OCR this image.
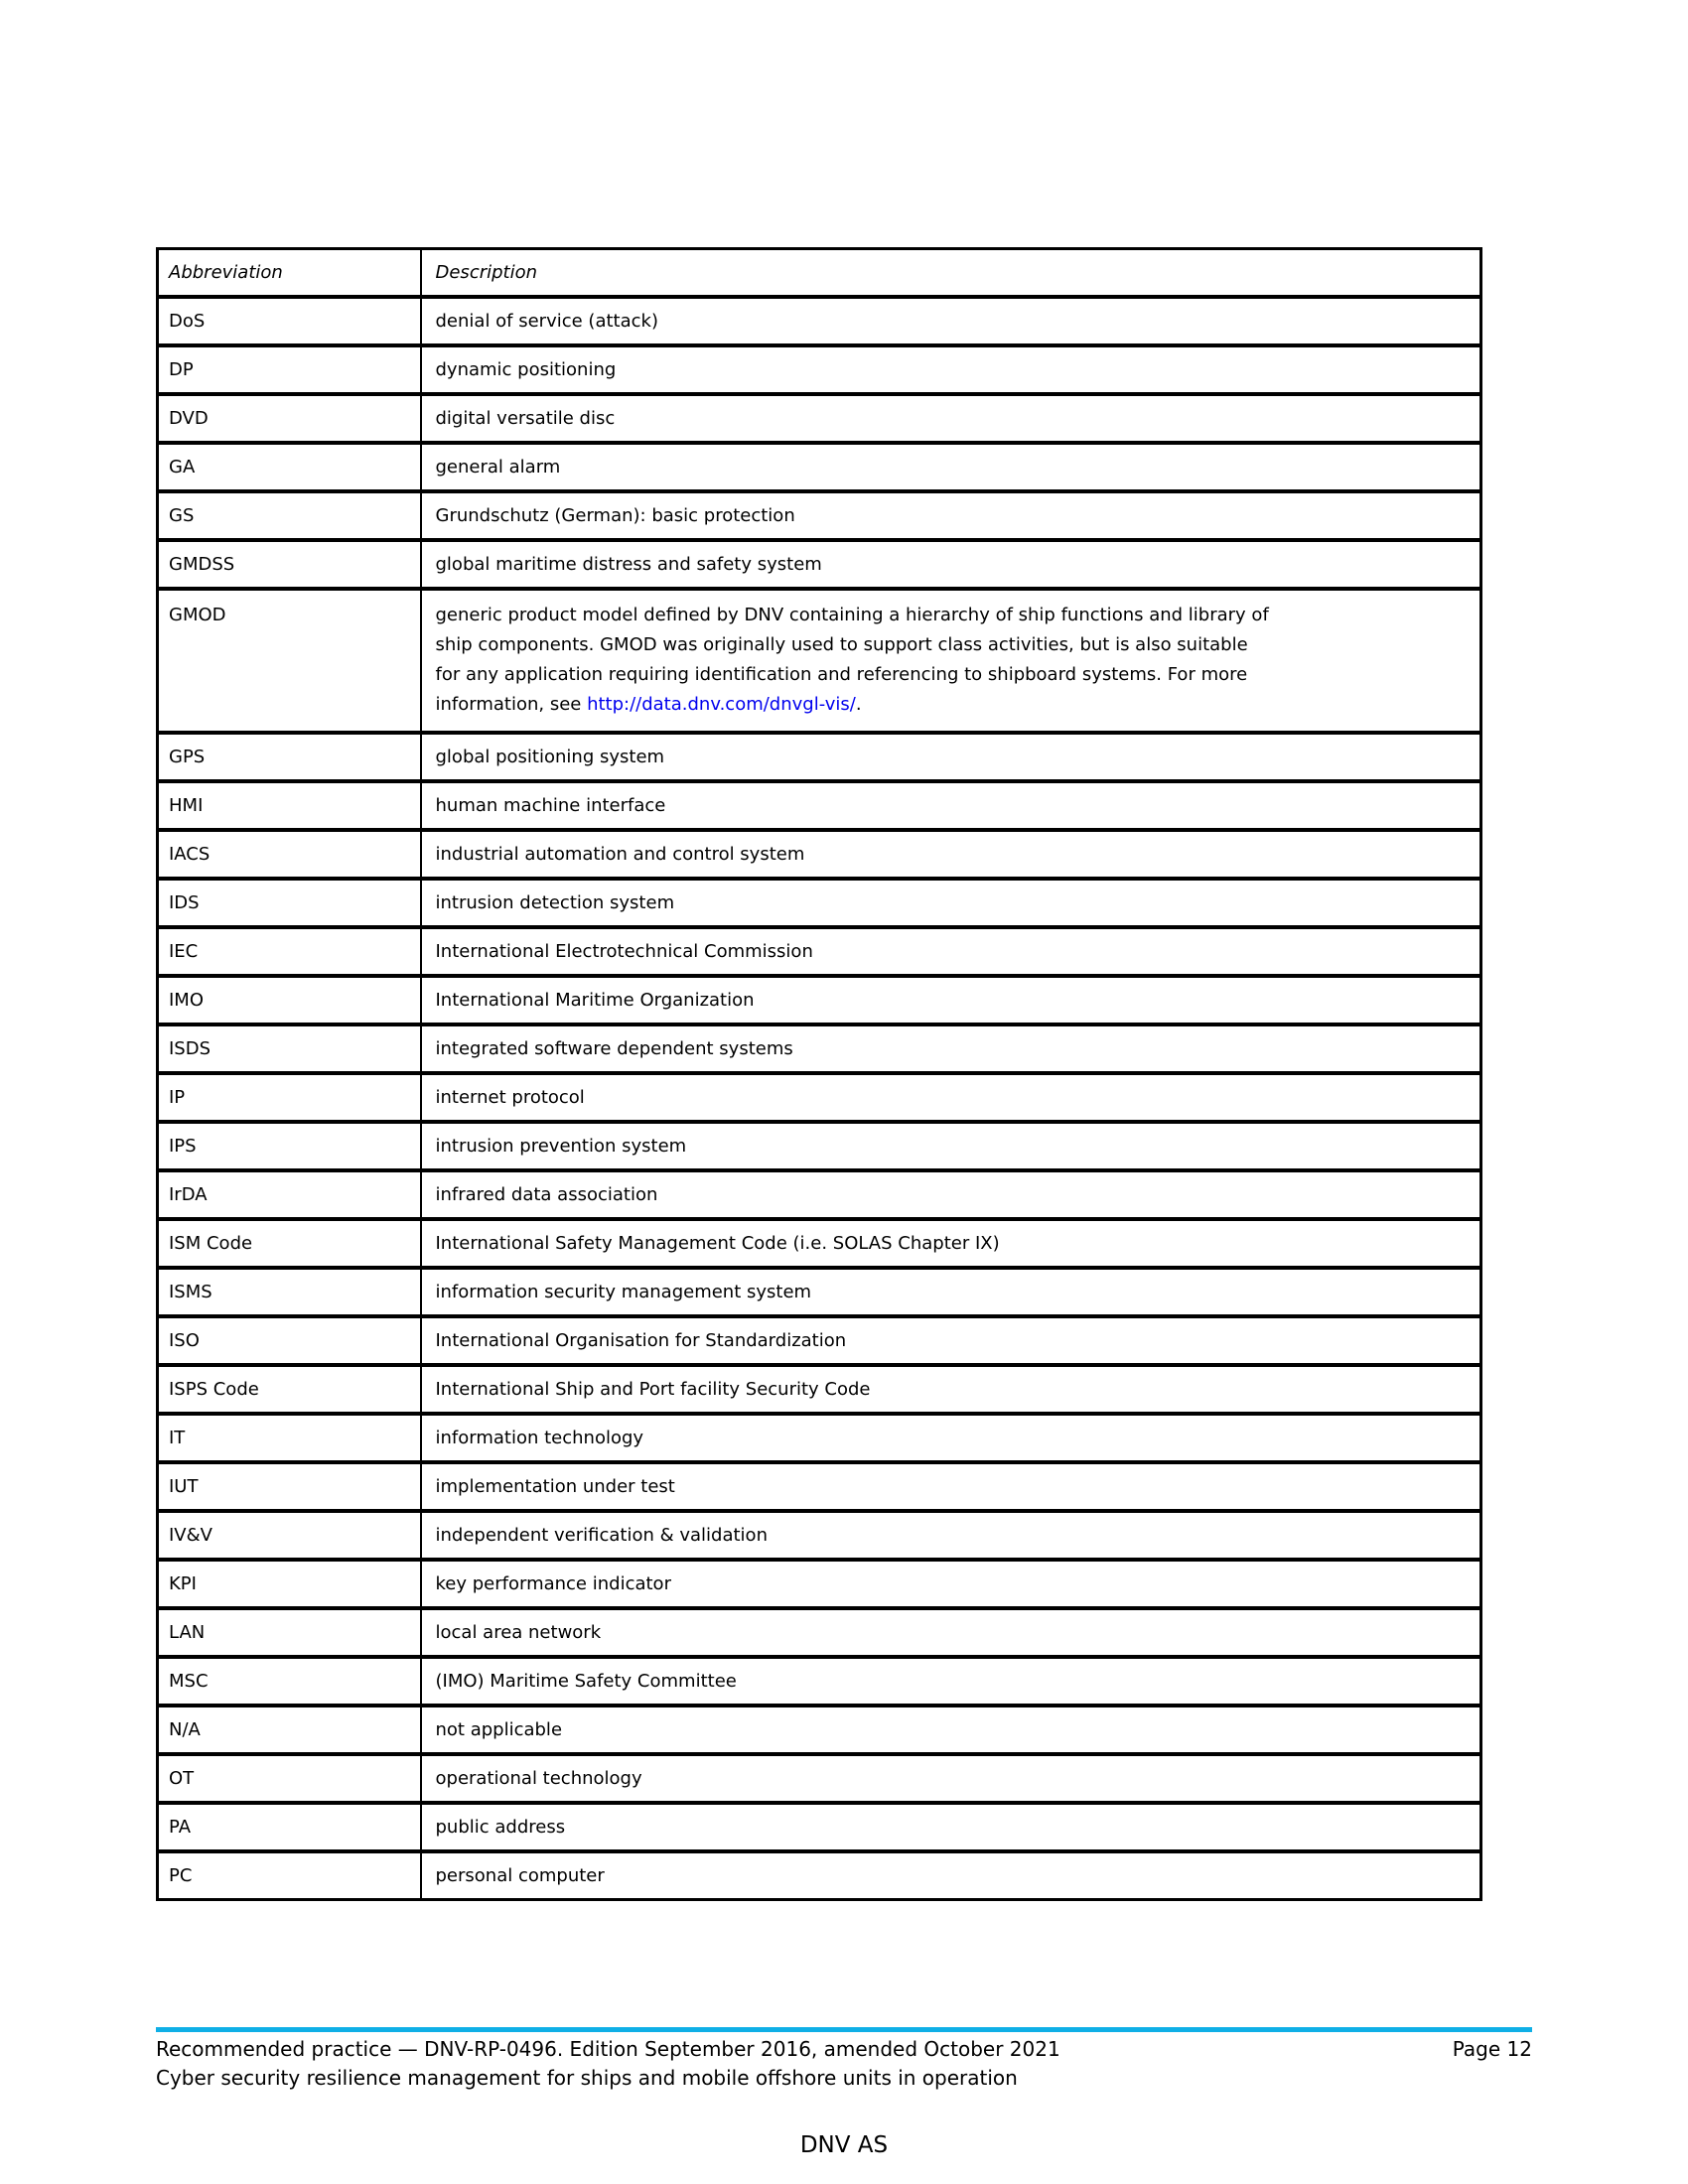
Abbreviation	Description
DoS	denial of service (attack)
DP	dynamic positioning
DVD	digital versatile disc
GA	general alarm
GS	Grundschutz (German): basic protection
GMDSS	global maritime distress and safety system
GMOD	generic product model defined by DNV containing a hierarchy of ship functions and library of
ship components. GMOD was originally used to support class activities, but is also suitable
for any application requiring identification and referencing to shipboard systems. For more
information, see http://data.dnv.com/dnvgl-vis/.

GPS	global positioning system
HMI	human machine interface
IACS	industrial automation and control system
IDS	intrusion detection system
IEC	International Electrotechnical Commission
IMO	International Maritime Organization
ISDS	integrated software dependent systems
IP	internet protocol
IPS	intrusion prevention system
IrDA	infrared data association
ISM Code	International Safety Management Code (i.e. SOLAS Chapter IX)
ISMS	information security management system
ISO	International Organisation for Standardization
ISPS Code	International Ship and Port facility Security Code
IT	information technology
IUT	implementation under test
IV&V	independent verification & validation
KPI	key performance indicator
LAN	local area network
MSC	(IMO) Maritime Safety Committee
N/A	not applicable
OT	operational technology
PA	public address
PC	personal computer
Recommended practice — DNV-RP-0496. Edition September 2016, amended October 2021	Page 12
Cyber security resilience management for ships and mobile offshore units in operation
DNV AS
